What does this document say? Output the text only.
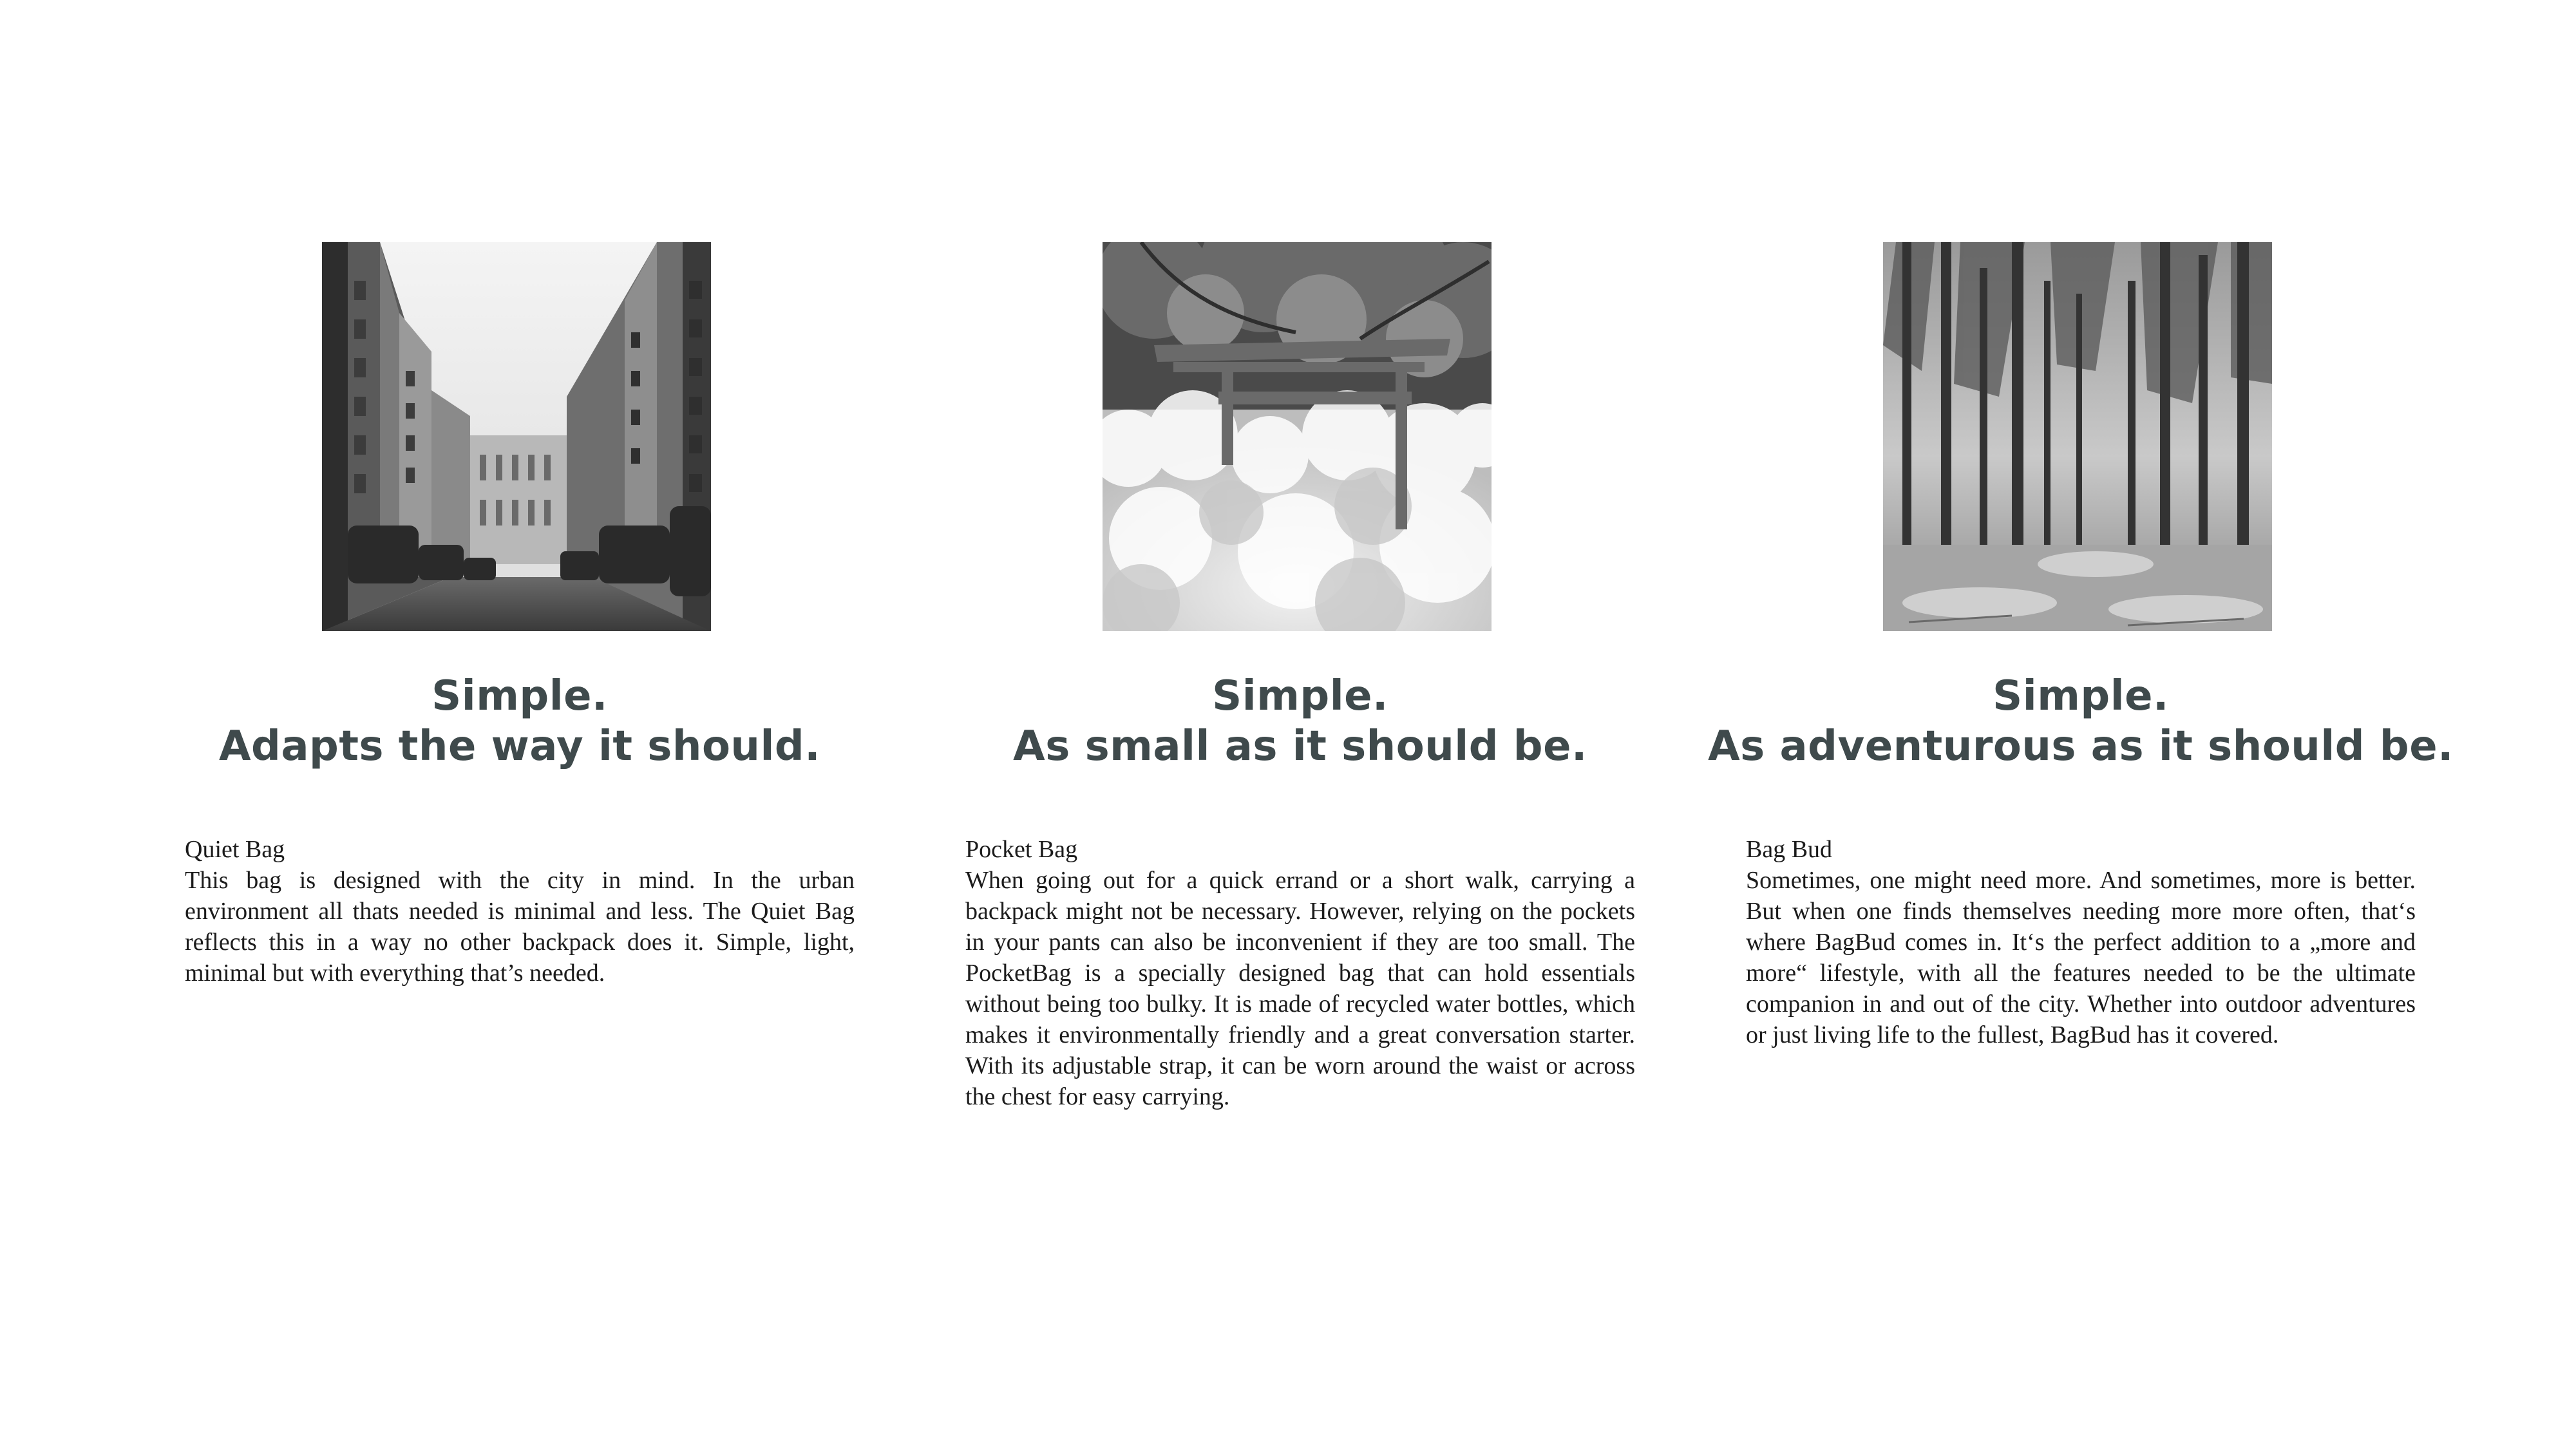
Simple.
Adapts the way it should.
Quiet Bag
This bag is designed with the city in mind. In the urban environment all thats needed is minimal and less. The Quiet Bag reflects this in a way no other backpack does it. Simple, light, minimal but with everything that’s needed.
Simple.
As small as it should be.
Pocket Bag
When going out for a quick errand or a short walk, carrying a backpack might not be necessary. However, relying on the pockets in your pants can also be inconvenient if they are too small. The PocketBag is a specially designed bag that can hold essentials without being too bulky. It is made of recycled water bottles, which makes it environmentally friendly and a great conversation starter. With its adjustable strap, it can be worn around the waist or across the chest for easy carrying.
Simple.
As adventurous as it should be.
Bag Bud
Sometimes, one might need more. And sometimes, more is better. But when one finds themselves needing more more often, that‘s where BagBud comes in. It‘s the perfect addition to a „more and more“ lifestyle, with all the features needed to be the ultimate companion in and out of the city. Whether into outdoor adventures or just living life to the fullest, BagBud has it covered.
